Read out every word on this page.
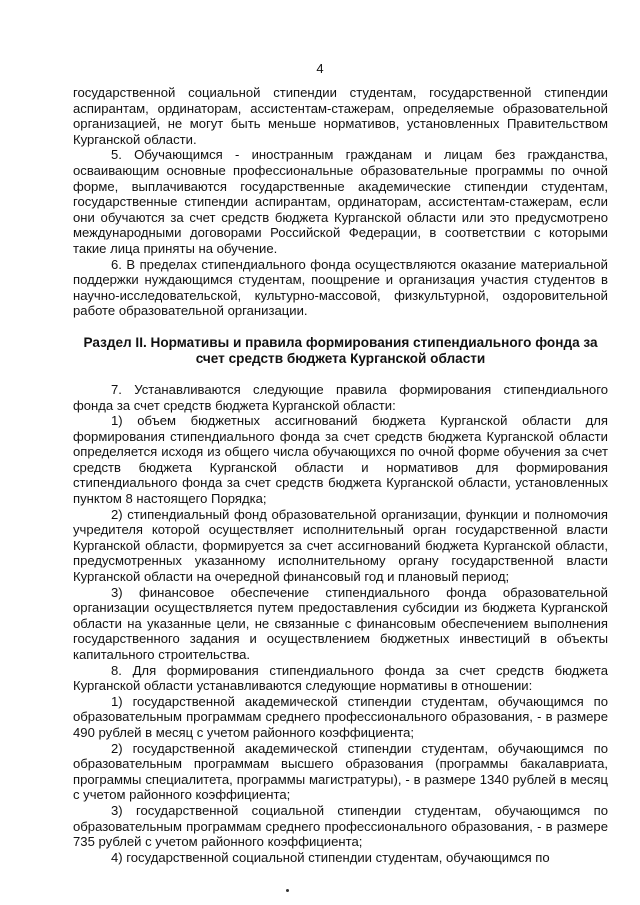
4

государственной социальной стипендии студентам, государственной стипендии аспирантам, ординаторам, ассистентам-стажерам, определяемые образовательной организацией, не могут быть меньше нормативов, установленных Правительством Курганской области.

5. Обучающимся - иностранным гражданам и лицам без гражданства, осваивающим основные профессиональные образовательные программы по очной форме, выплачиваются государственные академические стипендии студентам, государственные стипендии аспирантам, ординаторам, ассистентам-стажерам, если они обучаются за счет средств бюджета Курганской области или это предусмотрено международными договорами Российской Федерации, в соответствии с которыми такие лица приняты на обучение.

6. В пределах стипендиального фонда осуществляются оказание материальной поддержки нуждающимся студентам, поощрение и организация участия студентов в научно-исследовательской, культурно-массовой, физкультурной, оздоровительной работе образовательной организации.

Раздел II. Нормативы и правила формирования стипендиального фонда за счет средств бюджета Курганской области

7. Устанавливаются следующие правила формирования стипендиального фонда за счет средств бюджета Курганской области:

1) объем бюджетных ассигнований бюджета Курганской области для формирования стипендиального фонда за счет средств бюджета Курганской области определяется исходя из общего числа обучающихся по очной форме обучения за счет средств бюджета Курганской области и нормативов для формирования стипендиального фонда за счет средств бюджета Курганской области, установленных пунктом 8 настоящего Порядка;

2) стипендиальный фонд образовательной организации, функции и полномочия учредителя которой осуществляет исполнительный орган государственной власти Курганской области, формируется за счет ассигнований бюджета Курганской области, предусмотренных указанному исполнительному органу государственной власти Курганской области на очередной финансовый год и плановый период;

3) финансовое обеспечение стипендиального фонда образовательной организации осуществляется путем предоставления субсидии из бюджета Курганской области на указанные цели, не связанные с финансовым обеспечением выполнения государственного задания и осуществлением бюджетных инвестиций в объекты капитального строительства.

8. Для формирования стипендиального фонда за счет средств бюджета Курганской области устанавливаются следующие нормативы в отношении:

1) государственной академической стипендии студентам, обучающимся по образовательным программам среднего профессионального образования, - в размере 490 рублей в месяц с учетом районного коэффициента;

2) государственной академической стипендии студентам, обучающимся по образовательным программам высшего образования (программы бакалавриата, программы специалитета, программы магистратуры), - в размере 1340 рублей в месяц с учетом районного коэффициента;

3) государственной социальной стипендии студентам, обучающимся по образовательным программам среднего профессионального образования, - в размере 735 рублей с учетом районного коэффициента;

4) государственной социальной стипендии студентам, обучающимся по
